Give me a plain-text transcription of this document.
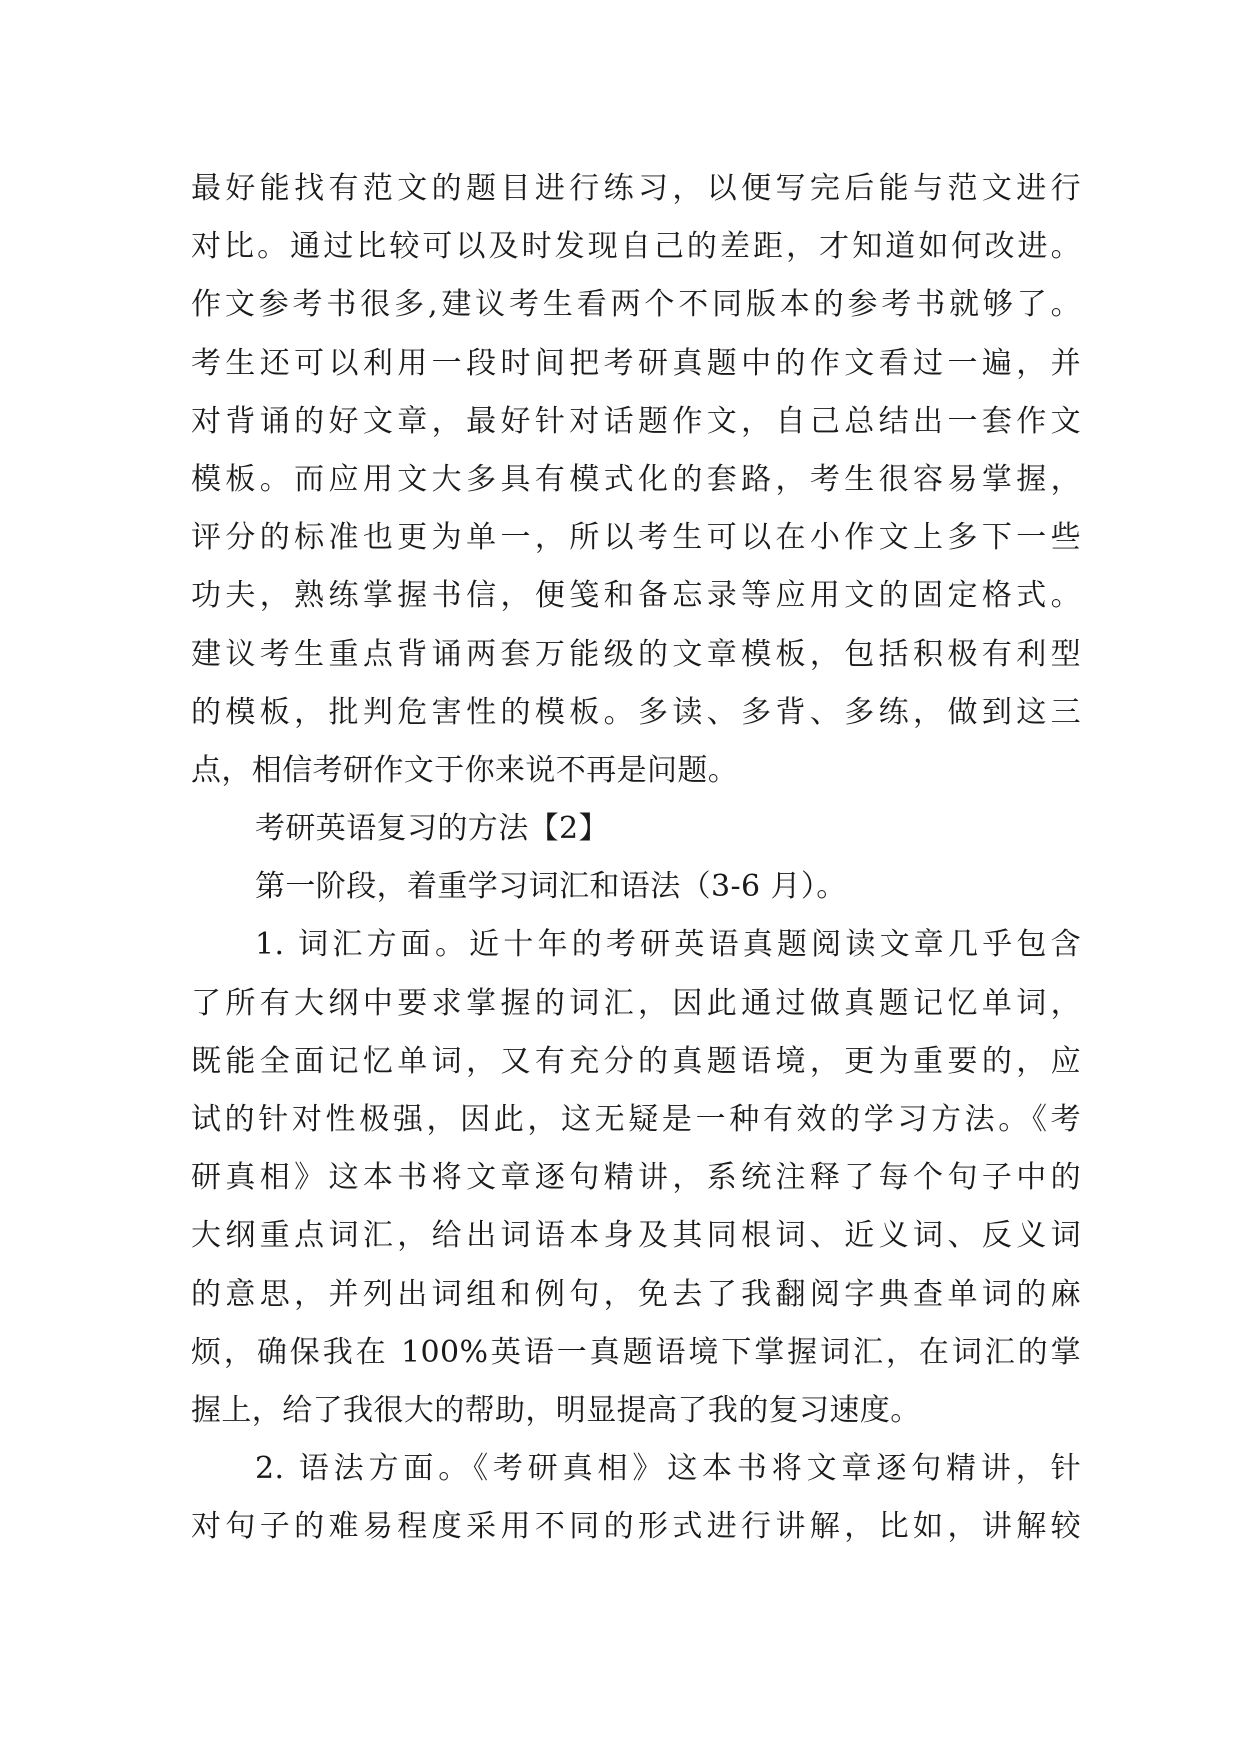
最好能找有范文的题目进行练习，以便写完后能与范文进行
对比。通过比较可以及时发现自己的差距，才知道如何改进。
作文参考书很多,建议考生看两个不同版本的参考书就够了。
考生还可以利用一段时间把考研真题中的作文看过一遍，并
对背诵的好文章，最好针对话题作文，自己总结出一套作文
模板。而应用文大多具有模式化的套路，考生很容易掌握，
评分的标准也更为单一，所以考生可以在小作文上多下一些
功夫，熟练掌握书信，便笺和备忘录等应用文的固定格式。
建议考生重点背诵两套万能级的文章模板，包括积极有利型
的模板，批判危害性的模板。多读、多背、多练，做到这三
点，相信考研作文于你来说不再是问题。
考研英语复习的方法【2】
第一阶段，着重学习词汇和语法（3-6 月）。
1. 词汇方面。近十年的考研英语真题阅读文章几乎包含
了所有大纲中要求掌握的词汇，因此通过做真题记忆单词，
既能全面记忆单词，又有充分的真题语境，更为重要的，应
试的针对性极强，因此，这无疑是一种有效的学习方法。《考
研真相》这本书将文章逐句精讲，系统注释了每个句子中的
大纲重点词汇，给出词语本身及其同根词、近义词、反义词
的意思，并列出词组和例句，免去了我翻阅字典查单词的麻
烦，确保我在 100%英语一真题语境下掌握词汇，在词汇的掌
握上，给了我很大的帮助，明显提高了我的复习速度。
2. 语法方面。《考研真相》这本书将文章逐句精讲，针
对句子的难易程度采用不同的形式进行讲解，比如，讲解较
